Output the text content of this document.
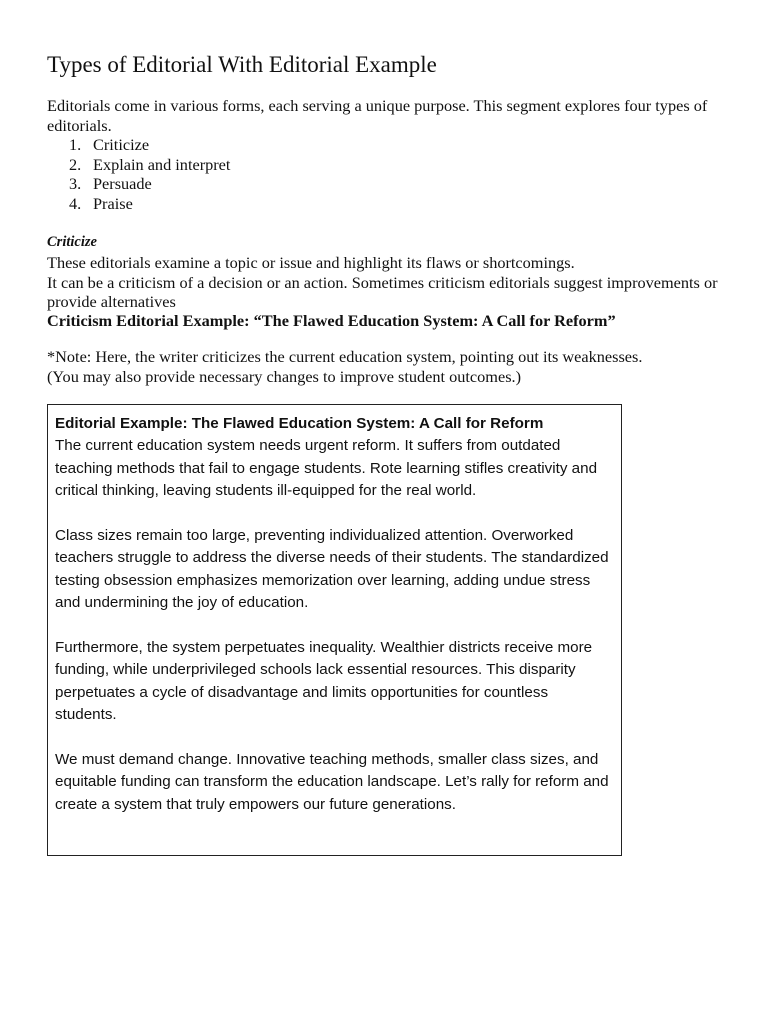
Types of Editorial With Editorial Example

Editorials come in various forms, each serving a unique purpose. This segment explores four types of editorials.

1. Criticize
2. Explain and interpret
3. Persuade
4. Praise
Criticize

These editorials examine a topic or issue and highlight its flaws or shortcomings.

It can be a criticism of a decision or an action. Sometimes criticism editorials suggest improvements or provide alternatives

Criticism Editorial Example: “The Flawed Education System: A Call for Reform”

*Note: Here, the writer criticizes the current education system, pointing out its weaknesses.

(You may also provide necessary changes to improve student outcomes.)

Editorial Example: The Flawed Education System: A Call for Reform

The current education system needs urgent reform. It suffers from outdated teaching methods that fail to engage students. Rote learning stifles creativity and critical thinking, leaving students ill-equipped for the real world.

Class sizes remain too large, preventing individualized attention. Overworked teachers struggle to address the diverse needs of their students. The standardized testing obsession emphasizes memorization over learning, adding undue stress and undermining the joy of education.

Furthermore, the system perpetuates inequality. Wealthier districts receive more funding, while underprivileged schools lack essential resources. This disparity perpetuates a cycle of disadvantage and limits opportunities for countless students.

We must demand change. Innovative teaching methods, smaller class sizes, and equitable funding can transform the education landscape. Let’s rally for reform and create a system that truly empowers our future generations.
